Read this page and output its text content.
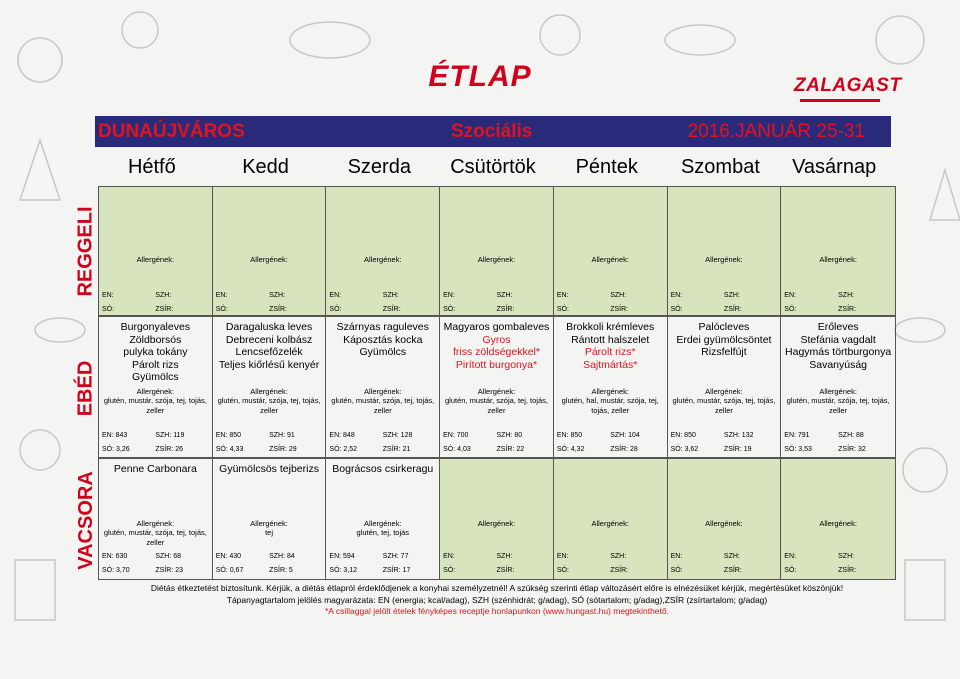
ÉTLAP	ZALAGAST
DUNAÚJVÁROS	Szociális	2016.JANUÁR 25-31
Hétfő	Kedd	Szerda	Csütörtök	Péntek	Szombat	Vasárnap
REGGELI
EBÉD
VACSORA
Allergének:
EN:	SZH:
SÓ:	ZSÍR:
Allergének:
EN:	SZH:
SÓ:	ZSÍR:
Allergének:
EN:	SZH:
SÓ:	ZSÍR:
Allergének:
EN:	SZH:
SÓ:	ZSÍR:
Allergének:
EN:	SZH:
SÓ:	ZSÍR:
Allergének:
EN:	SZH:
SÓ:	ZSÍR:
Allergének:
EN:	SZH:
SÓ:	ZSÍR:
Burgonyaleves
Zöldborsós
pulyka tokány
Párolt rizs
Gyümölcs
Allergének:
glutén, mustár, szója, tej, tojás, zeller
EN: 843	SZH: 119
SÓ: 3,26	ZSÍR: 26
Daragaluska leves
Debreceni kolbász
Lencsefőzelék
Teljes kiőrlésű kenyér
Allergének:
glutén, mustár, szója, tej, tojás, zeller
EN: 850	SZH: 91
SÓ: 4,33	ZSÍR: 29
Szárnyas raguleves
Káposztás kocka
Gyümölcs
Allergének:
glutén, mustár, szója, tej, tojás, zeller
EN: 848	SZH: 128
SÓ: 2,52	ZSÍR: 21
Magyaros gombaleves
Gyros
friss zöldségekkel*
Pirított burgonya*
Allergének:
glutén, mustár, szója, tej, tojás, zeller
EN: 700	SZH: 80
SÓ: 4,03	ZSÍR: 22
Brokkoli krémleves
Rántott halszelet
Párolt rizs*
Sajtmártás*
Allergének:
glutén, hal, mustár, szója, tej, tojás, zeller
EN: 850	SZH: 104
SÓ: 4,32	ZSÍR: 28
Palócleves
Erdei gyümölcsöntet
Rizsfelfújt
Allergének:
glutén, mustár, szója, tej, tojás, zeller
EN: 850	SZH: 132
SÓ: 3,62	ZSÍR: 19
Erőleves
Stefánia vagdalt
Hagymás törtburgonya
Savanyúság
Allergének:
glutén, mustár, szója, tej, tojás, zeller
EN: 791	SZH: 88
SÓ: 3,53	ZSÍR: 32
Penne Carbonara
Allergének:
glutén, mustár, szója, tej, tojás, zeller
EN: 630	SZH: 68
SÓ: 3,70	ZSÍR: 23
Gyümölcsös tejberizs
Allergének:
tej
EN: 430	SZH: 84
SÓ: 0,67	ZSÍR: 5
Bográcsos csirkeragu
Allergének:
glutén, tej, tojás
EN: 594	SZH: 77
SÓ: 3,12	ZSÍR: 17
Allergének:
EN:	SZH:
SÓ:	ZSÍR:
Allergének:
EN:	SZH:
SÓ:	ZSÍR:
Allergének:
EN:	SZH:
SÓ:	ZSÍR:
Allergének:
EN:	SZH:
SÓ:	ZSÍR:
Diétás étkeztetést biztosítunk. Kérjük, a diétás étlapról érdeklődjenek a konyhai személyzetnél! A szükség szerinti étlap változásért előre is elnézésüket kérjük, megértésüket köszönjük!
Tápanyagtartalom jelölés magyarázata: EN (energia; kcal/adag), SZH (szénhidrát; g/adag), SÓ (sótartalom; g/adag),ZSÍR (zsírtartalom; g/adag)
*A csillaggal jelölt ételek fényképes receptje honlapunkon (www.hungast.hu) megtekinthető.
